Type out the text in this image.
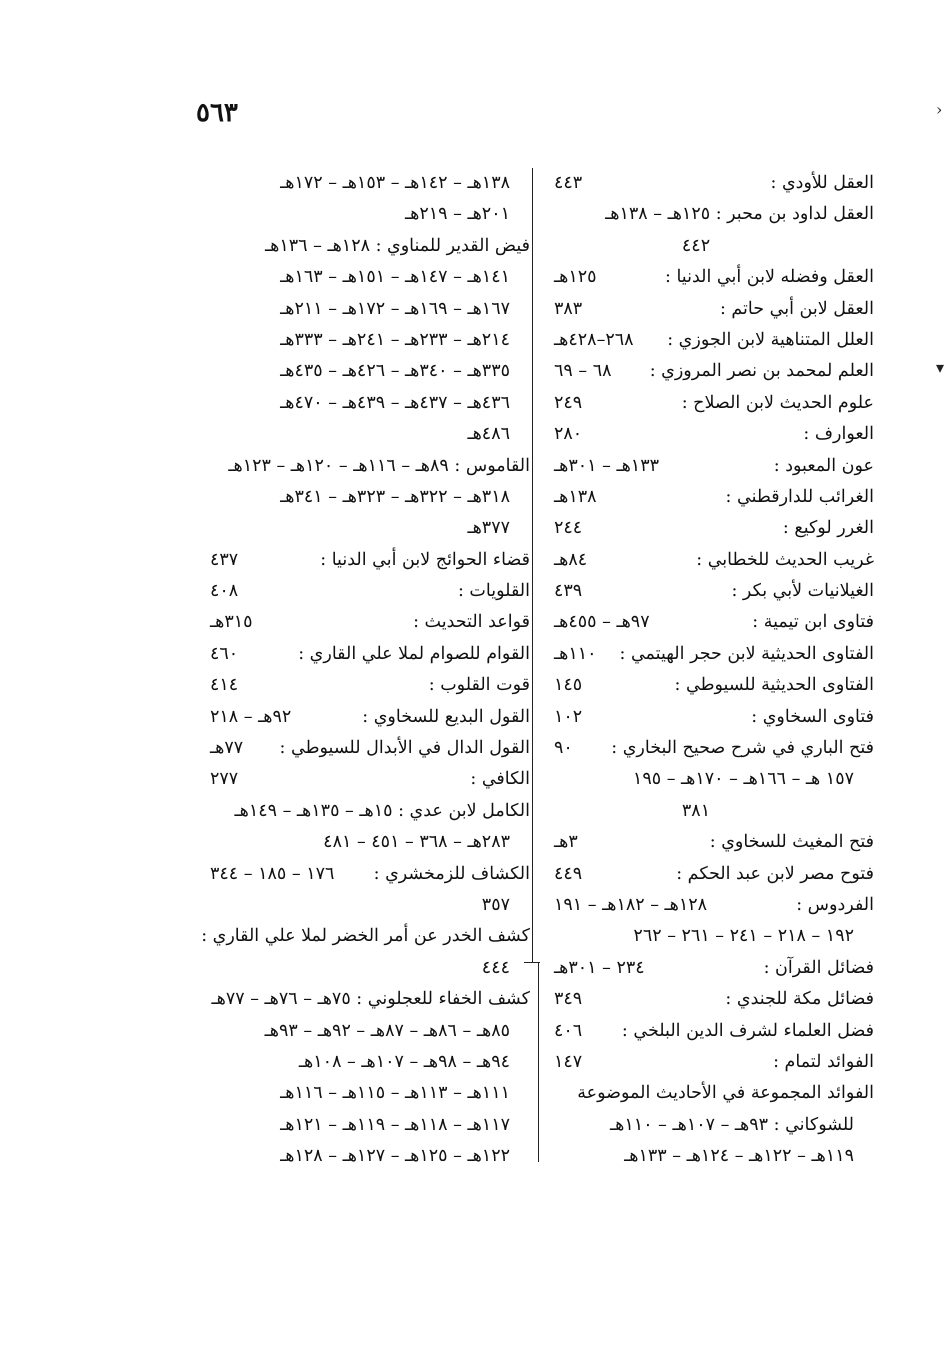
٥٦٣	›
▾
العقل للأودي :
٤٤٣
العقل لداود بن محبر : ١٢٥هـ – ١٣٨هـ
٤٤٢
العقل وفضله لابن أبي الدنيا :
١٢٥هـ
العقل لابن أبي حاتم :
٣٨٣
العلل المتناهية لابن الجوزي :
٢٦٨–٤٢٨هـ
العلم لمحمد بن نصر المروزي :
٦٨ – ٦٩
علوم الحديث لابن الصلاح :
٢٤٩
العوارف :
٢٨٠
عون المعبود :
١٣٣هـ – ٣٠١هـ
الغرائب للدارقطني :
١٣٨هـ
الغرر لوكيع :
٢٤٤
غريب الحديث للخطابي :
٨٤هـ
الغيلانيات لأبي بكر :
٤٣٩
فتاوى ابن تيمية :
٩٧هـ – ٤٥٥هـ
الفتاوى الحديثية لابن حجر الهيتمي :
١١٠هـ
الفتاوى الحديثية للسيوطي :
١٤٥
فتاوى السخاوي :
١٠٢
فتح الباري في شرح صحيح البخاري :
٩٠
١٥٧ هـ – ١٦٦هـ – ١٧٠هـ – ١٩٥
٣٨١
فتح المغيث للسخاوي :
٣هـ
فتوح مصر لابن عبد الحكم :
٤٤٩
الفردوس :
١٢٨هـ – ١٨٢هـ – ١٩١
١٩٢ – ٢١٨ – ٢٤١ – ٢٦١ – ٢٦٢
فضائل القرآن :
٢٣٤ – ٣٠١هـ
فضائل مكة للجندي :
٣٤٩
فضل العلماء لشرف الدين البلخي :
٤٠٦
الفوائد لتمام :
١٤٧
الفوائد المجموعة في الأحاديث الموضوعة
للشوكاني : ٩٣هـ – ١٠٧هـ – ١١٠هـ
١١٩هـ – ١٢٢هـ – ١٢٤هـ – ١٣٣هـ
١٣٨هـ – ١٤٢هـ – ١٥٣هـ – ١٧٢هـ
٢٠١هـ – ٢١٩هـ
فيض القدير للمناوي : ١٢٨هـ – ١٣٦هـ
١٤١هـ – ١٤٧هـ – ١٥١هـ – ١٦٣هـ
١٦٧هـ – ١٦٩هـ – ١٧٢هـ – ٢١١هـ
٢١٤هـ – ٢٣٣هـ – ٢٤١هـ – ٣٣٣هـ
٣٣٥هـ – ٣٤٠هـ – ٤٢٦هـ – ٤٣٥هـ
٤٣٦هـ – ٤٣٧هـ – ٤٣٩هـ – ٤٧٠هـ
٤٨٦هـ
القاموس : ٨٩هـ – ١١٦هـ – ١٢٠هـ – ١٢٣هـ
٣١٨هـ – ٣٢٢هـ – ٣٢٣هـ – ٣٤١هـ
٣٧٧هـ
قضاء الحوائج لابن أبي الدنيا :
٤٣٧
القلويات :
٤٠٨
قواعد التحديث :
٣١٥هـ
القوام للصوام لملا علي القاري :
٤٦٠
قوت القلوب :
٤١٤
القول البديع للسخاوي :
٩٢هـ – ٢١٨
القول الدال في الأبدال للسيوطي :
٧٧هـ
الكافي :
٢٧٧
الكامل لابن عدي : ١٥هـ – ١٣٥هـ – ١٤٩هـ
٢٨٣هـ – ٣٦٨ – ٤٥١ – ٤٨١
الكشاف للزمخشري :
١٧٦ – ١٨٥ – ٣٤٤
٣٥٧
كشف الخدر عن أمر الخضر لملا علي القاري :
٤٤٤
كشف الخفاء للعجلوني : ٧٥هـ – ٧٦هـ – ٧٧هـ
٨٥هـ – ٨٦هـ – ٨٧هـ – ٩٢هـ – ٩٣هـ
٩٤هـ – ٩٨هـ – ١٠٧هـ – ١٠٨هـ
١١١هـ – ١١٣هـ – ١١٥هـ – ١١٦هـ
١١٧هـ – ١١٨هـ – ١١٩هـ – ١٢١هـ
١٢٢هـ – ١٢٥هـ – ١٢٧هـ – ١٢٨هـ
